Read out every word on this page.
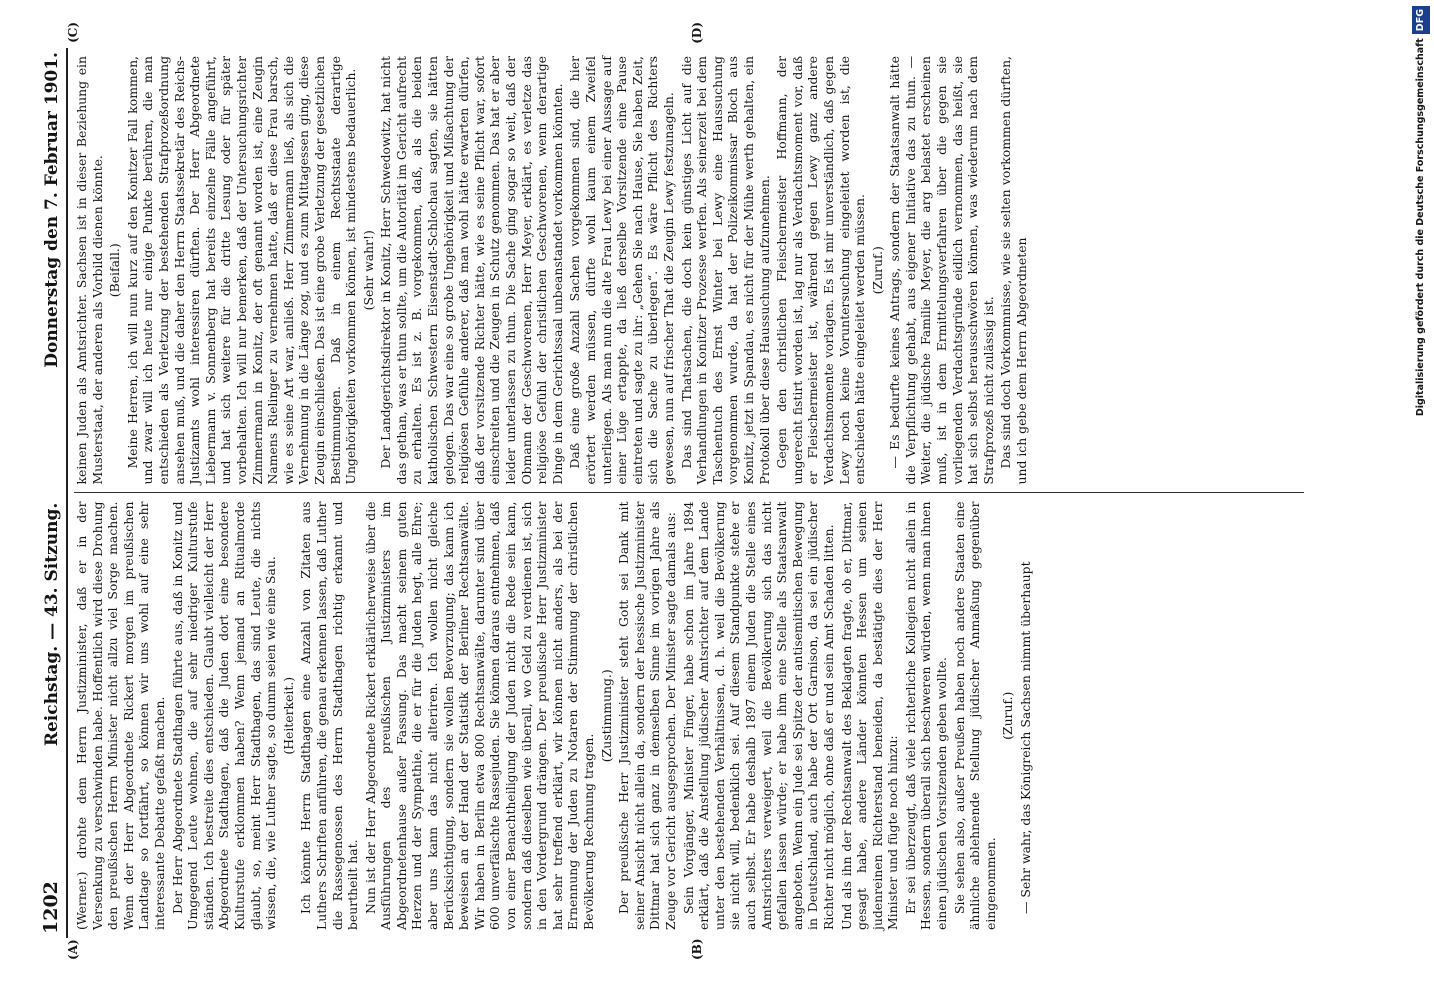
1202
Reichstag. — 43. Sitzung.
Donnerstag den 7. Februar 1901.

(Werner.) drohte dem Herrn Justizminister, daß er in der Versenkung zu verschwinden habe. Hoffentlich wird diese Drohung den preußischen Herrn Minister nicht allzu viel Sorge machen. Wenn der Herr Abgeordnete Rickert morgen im preußischen Landtage so fortfährt, so können wir uns wohl auf eine sehr interessante Debatte gefaßt machen. Der Herr Abgeordnete Stadthagen führte aus, daß in Konitz und Umgegend Leute wohnen, die auf sehr niedriger Kulturstufe ständen. Ich bestreite dies entschieden. Glaubt vielleicht der Herr Abgeordnete Stadthagen, daß die Juden dort eine besondere Kulturstufe erklommen haben? Wenn jemand an Ritualmorde glaubt, so, meint Herr Stadthagen, das sind Leute, die nichts wissen, die, wie Luther sagte, so dumm seien wie eine Sau. (Heiterkeit.) Ich könnte Herrn Stadthagen eine Anzahl von Zitaten aus Luthers Schriften anführen, die genau erkennen lassen, daß Luther die Rassegenossen des Herrn Stadthagen richtig erkannt und beurtheilt hat. Nun ist der Herr Abgeordnete Rickert erklärlicherweise über die Ausführungen des preußischen Justizministers im Abgeordnetenhause außer Fassung. Das macht seinem guten Herzen und der Sympathie, die er für die Juden hegt, alle Ehre; aber uns kann das nicht alteriren. Ich wollen nicht gleiche Berücksichtigung, sondern sie wollen Bevorzugung; das kann ich beweisen an der Hand der Statistik der Berliner Rechtsanwälte. Wir haben in Berlin etwa 800 Rechtsanwälte, darunter sind über 600 unverfälschte Rassejuden. Sie können daraus entnehmen, daß von einer Benachtheiligung der Juden nicht die Rede sein kann, sondern daß dieselben wie überall, wo Geld zu verdienen ist, sich in den Vordergrund drängen. Der preußische Herr Justizminister hat sehr treffend erklärt, wir können nicht anders, als bei der Ernennung der Juden zu Notaren der Stimmung der christlichen Bevölkerung Rechnung tragen.

(Zustimmung.) Der preußische Herr Justizminister steht Gott sei Dank mit seiner Ansicht nicht allein da, sondern der hessische Justizminister Dittmar hat sich ganz in demselben Sinne im vorigen Jahre als Zeuge vor Gericht ausgesprochen. Der Minister sagte damals aus: Sein Vorgänger, Minister Finger, habe schon im Jahre 1894 erklärt, daß die Anstellung jüdischer Amtsrichter auf dem Lande unter den bestehenden Verhältnissen, d. h. weil die Bevölkerung sie nicht will, bedenklich sei. Auf diesem Standpunkte stehe er auch selbst. Er habe deshalb 1897 einem Juden die Stelle eines Amtsrichters verweigert, weil die Bevölkerung sich das nicht gefallen lassen würde; er habe ihm eine Stelle als Staatsanwalt angeboten. Wenn ein Jude sei Spitze der antisemitischen Bewegung in Deutschland, auch habe der Ort Garnison, da sei ein jüdischer Richter nicht möglich, ohne daß er und sein Amt Schaden litten. Und als ihn der Rechtsanwalt des Beklagten fragte, ob er, Dittmar, gesagt habe, andere Länder könnten Hessen um seinen judenreinen Richterstand beneiden, da bestätigte dies der Herr Minister und fügte noch hinzu: Er sei überzeugt, daß viele richterliche Kollegien nicht allein in Hessen, sondern überall sich beschweren würden, wenn man ihnen einen jüdischen Vorsitzenden geben wollte. Sie sehen also, außer Preußen haben noch andere Staaten eine ähnliche ablehnende Stellung jüdischer Anmaßung gegenüber eingenommen.

(Zuruf.) — Sehr wahr, das Königreich Sachsen nimmt überhaupt

keinen Juden als Amtsrichter. Sachsen ist in dieser Beziehung ein Musterstaat, der anderen als Vorbild dienen könnte. (Beifall.) Meine Herren, ich will nun kurz auf den Konitzer Fall kommen, und zwar will ich heute nur einige Punkte berühren, die man entschieden als Verletzung der bestehenden Strafprozeßordnung ansehen muß, und die daher den Herrn Staatssekretär des Reichs-Justizamts wohl interessiren dürften. Der Herr Abgeordnete Liebermann v. Sonnenberg hat bereits einzelne Fälle angeführt, und hat sich weitere für die dritte Lesung oder für später vorbehalten. Ich will nur bemerken, daß der Untersuchungsrichter Zimmermann in Konitz, der oft genannt worden ist, eine Zeugin Namens Rielinger zu vernehmen hatte, daß er diese Frau barsch, wie es seine Art war, anließ. Herr Zimmermann ließ, als sich die Vernehmung in die Länge zog, und es zum Mittagessen ging, diese Zeugin einschließen. Das ist eine grobe Verletzung der gesetzlichen Bestimmungen. Daß in einem Rechtsstaate derartige Ungehörigkeiten vorkommen können, ist mindestens bedauerlich. (Sehr wahr!) Der Landgerichtsdirektor in Konitz, Herr Schwedowitz, hat nicht das gethan, was er thun sollte, um die Autorität im Gericht aufrecht zu erhalten. Es ist z. B. vorgekommen, daß, als die beiden katholischen Schwestern Eisenstadt-Schlochau sagten, sie hätten gelogen. Das war eine so grobe Ungehörigkeit und Mißachtung der religiösen Gefühle anderer, daß man wohl hätte erwarten dürfen, daß der vorsitzende Richter hätte, wie es seine Pflicht war, sofort einschreiten und die Zeugen in Schutz genommen. Das hat er aber leider unterlassen zu thun. Die Sache ging sogar so weit, daß der Obmann der Geschworenen, Herr Meyer, erklärt, es verletze das religiöse Gefühl der christlichen Geschworenen, wenn derartige Dinge in dem Gerichtssaal unbeanstandet vorkommen könnten. Daß eine große Anzahl Sachen vorgekommen sind, die hier erörtert werden müssen, dürfte wohl kaum einem Zweifel unterliegen. Als man nun die alte Frau Lewy bei einer Aussage auf einer Lüge ertappte, da ließ derselbe Vorsitzende eine Pause eintreten und sagte zu ihr: „Gehen Sie nach Hause, Sie haben Zeit, sich die Sache zu überlegen“. Es wäre Pflicht des Richters gewesen, nun auf frischer That die Zeugin Lewy festzunageln. Das sind Thatsachen, die doch kein günstiges Licht auf die Verhandlungen in Konitzer Prozesse werfen. Als seinerzeit bei dem Taschentuch des Ernst Winter bei Lewy eine Haussuchung vorgenommen wurde, da hat der Polizeikommissar Bloch aus Konitz, jetzt in Spandau, es nicht für der Mühe werth gehalten, ein Protokoll über diese Haussuchung aufzunehmen. Gegen den christlichen Fleischermeister Hoffmann, der ungerecht fistirt worden ist, lag nur als Verdachtsmoment vor, daß er Fleischermeister ist, während gegen Lewy ganz andere Verdachtsmomente vorlagen. Es ist mir unverständlich, daß gegen Lewy noch keine Voruntersuchung eingeleitet worden ist, die entschieden hätte eingeleitet werden müssen. (Zuruf.) — Es bedurfte keines Antrags, sondern der Staatsanwalt hätte die Verpflichtung gehabt, aus eigener Initiative das zu thun. — Weiter, die jüdische Familie Meyer, die arg belastet erscheinen muß, ist in dem Ermittelungsverfahren über die gegen sie vorliegenden Verdachtsgründe eidlich vernommen, das heißt, sie hat sich selbst herausschwören können, was wiederum nach dem Strafprozeß nicht zulässig ist. Das sind doch Vorkommnisse, wie sie selten vorkommen dürften, und ich gebe dem Herrn Abgeordneten

(A)	(B)
(C)	(D)
Digitalisierung gefördert durch die Deutsche ForschungsgemeinschaftDFG
